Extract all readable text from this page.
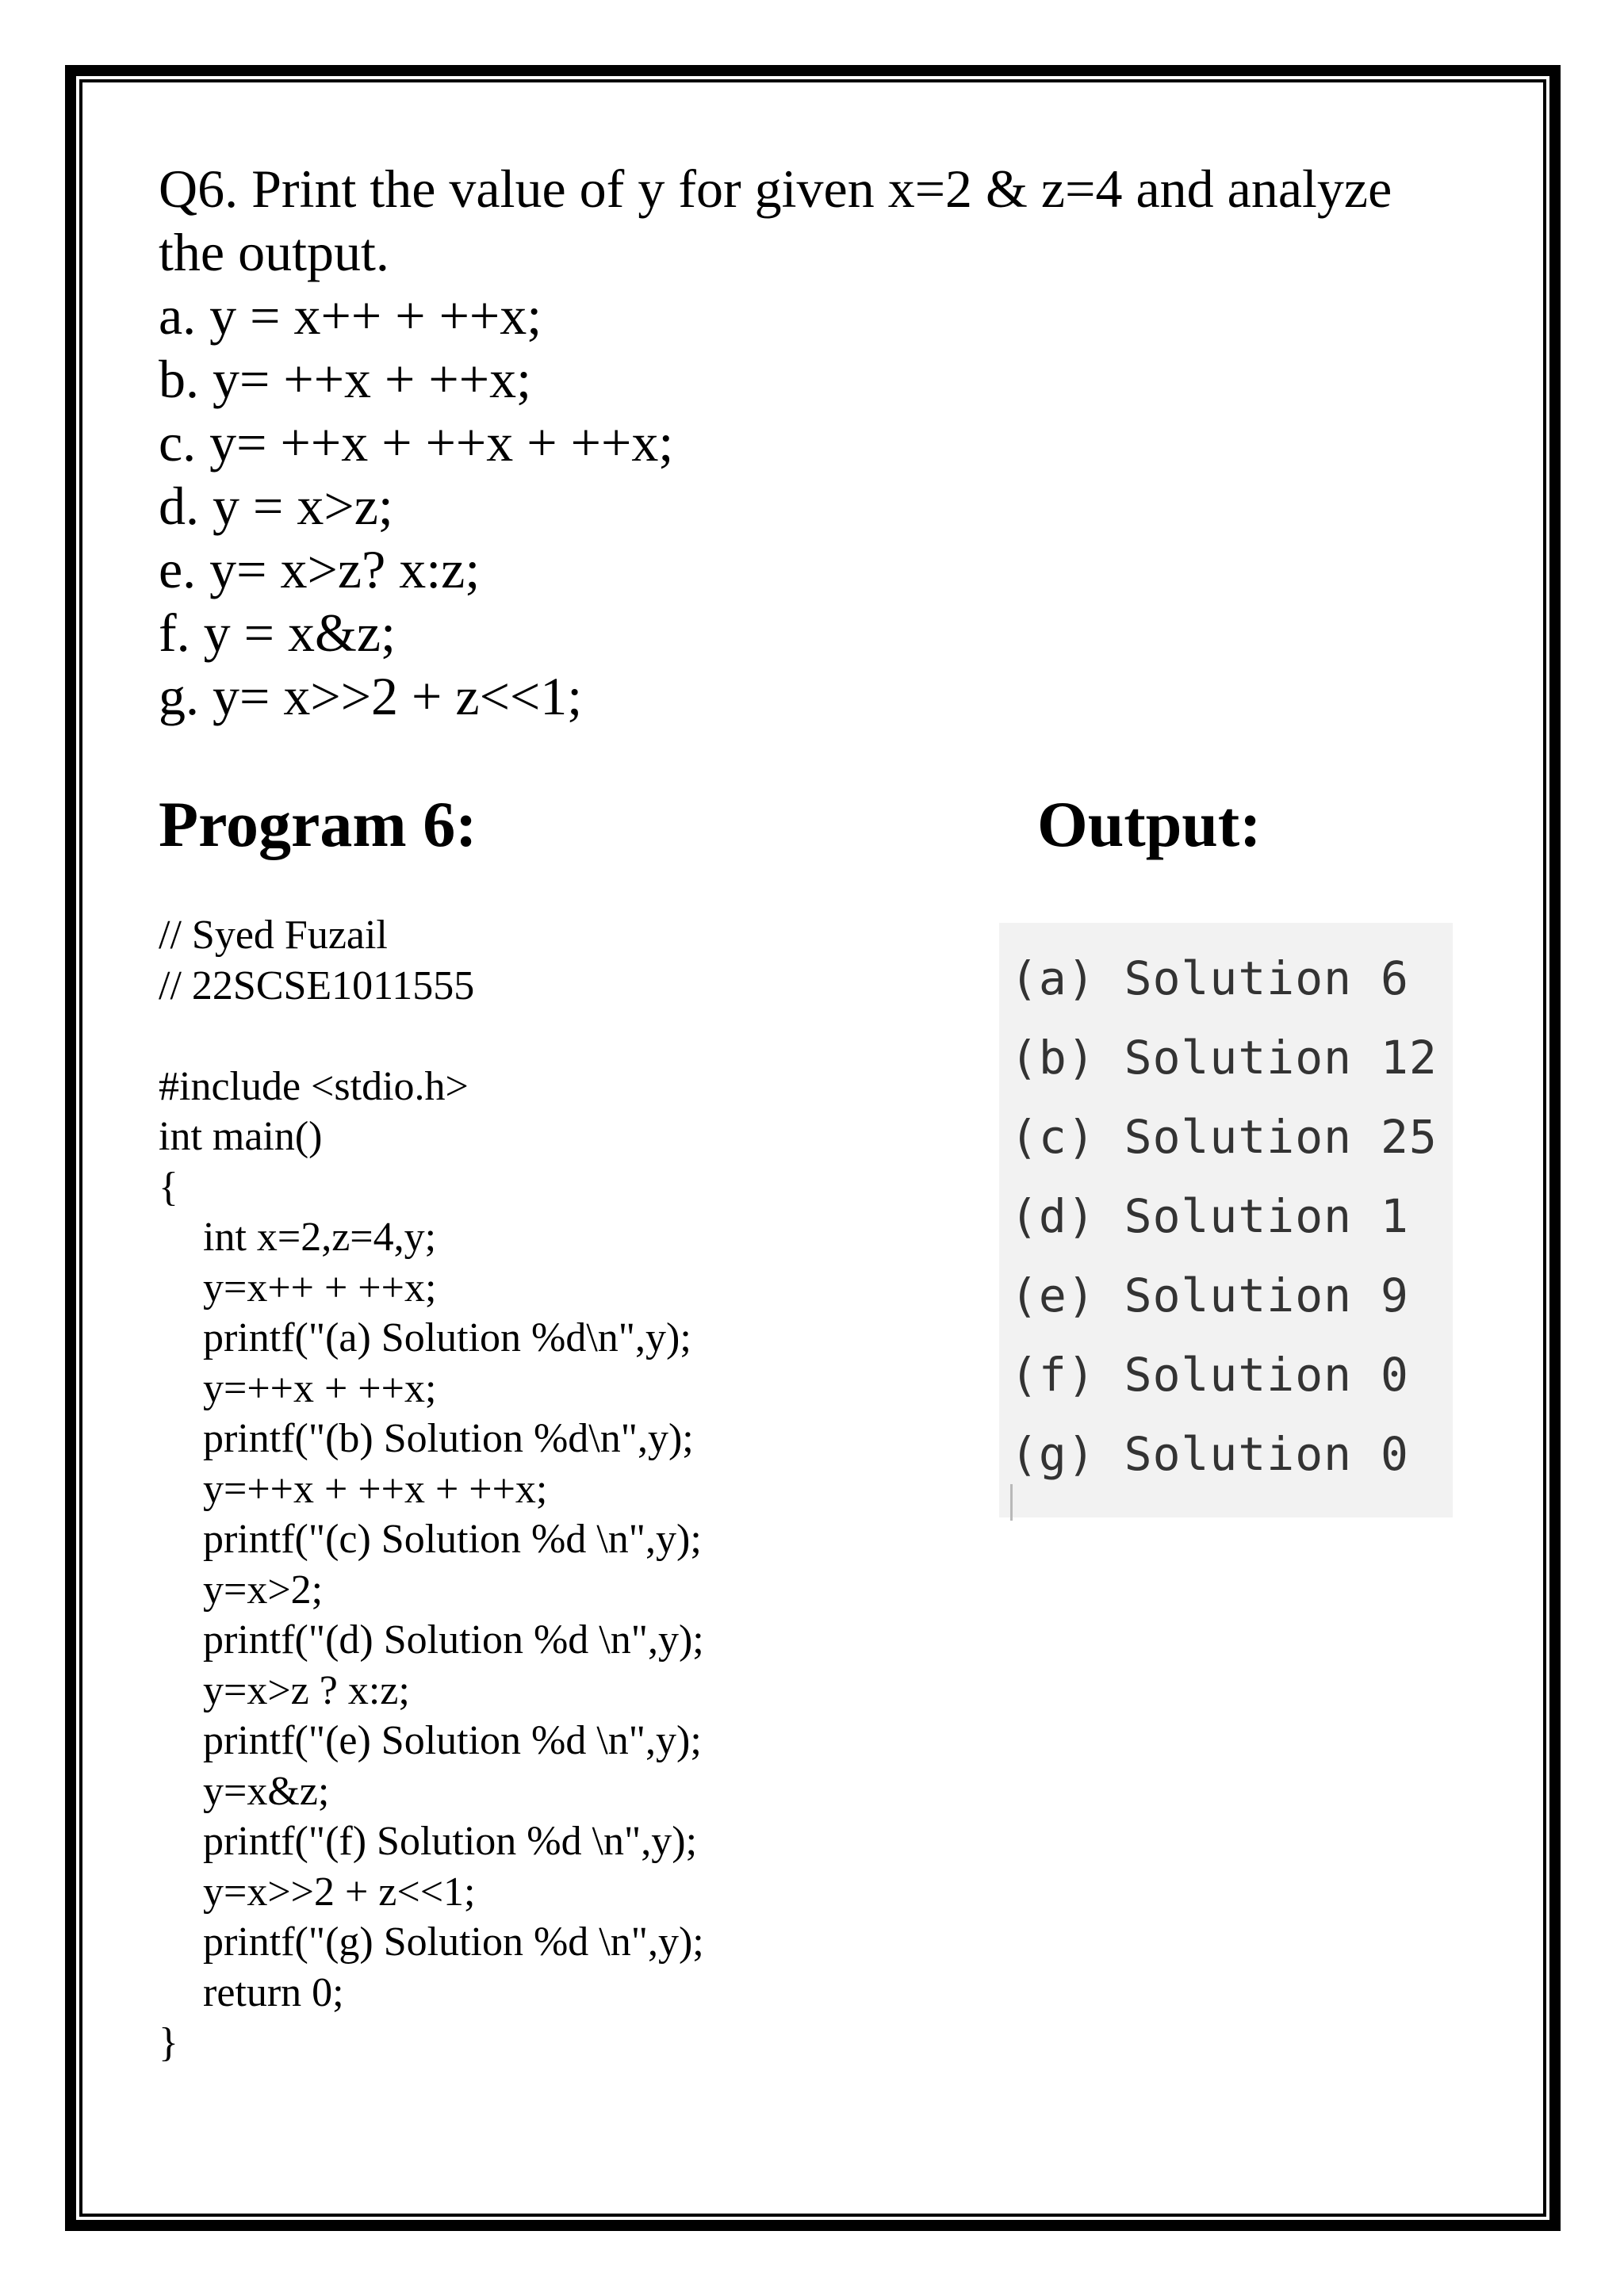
Q6. Print the value of y for given x=2 & z=4 and analyze
the output.
a. y = x++ + ++x;
b. y= ++x + ++x;
c. y= ++x + ++x + ++x;
d. y = x>z;
e. y= x>z? x:z;
f. y = x&z;
g. y= x>>2 + z<<1;
Program 6:	Output:
// Syed Fuzail
// 22SCSE1011555
#include <stdio.h>
int main()
{
int x=2,z=4,y;
y=x++ + ++x;
printf("(a) Solution %d\n",y);
y=++x + ++x;
printf("(b) Solution %d\n",y);
y=++x + ++x + ++x;
printf("(c) Solution %d \n",y);
y=x>2;
printf("(d) Solution %d \n",y);
y=x>z ? x:z;
printf("(e) Solution %d \n",y);
y=x&z;
printf("(f) Solution %d \n",y);
y=x>>2 + z<<1;
printf("(g) Solution %d \n",y);
return 0;
}
(a) Solution 6
(b) Solution 12
(c) Solution 25
(d) Solution 1
(e) Solution 9
(f) Solution 0
(g) Solution 0
